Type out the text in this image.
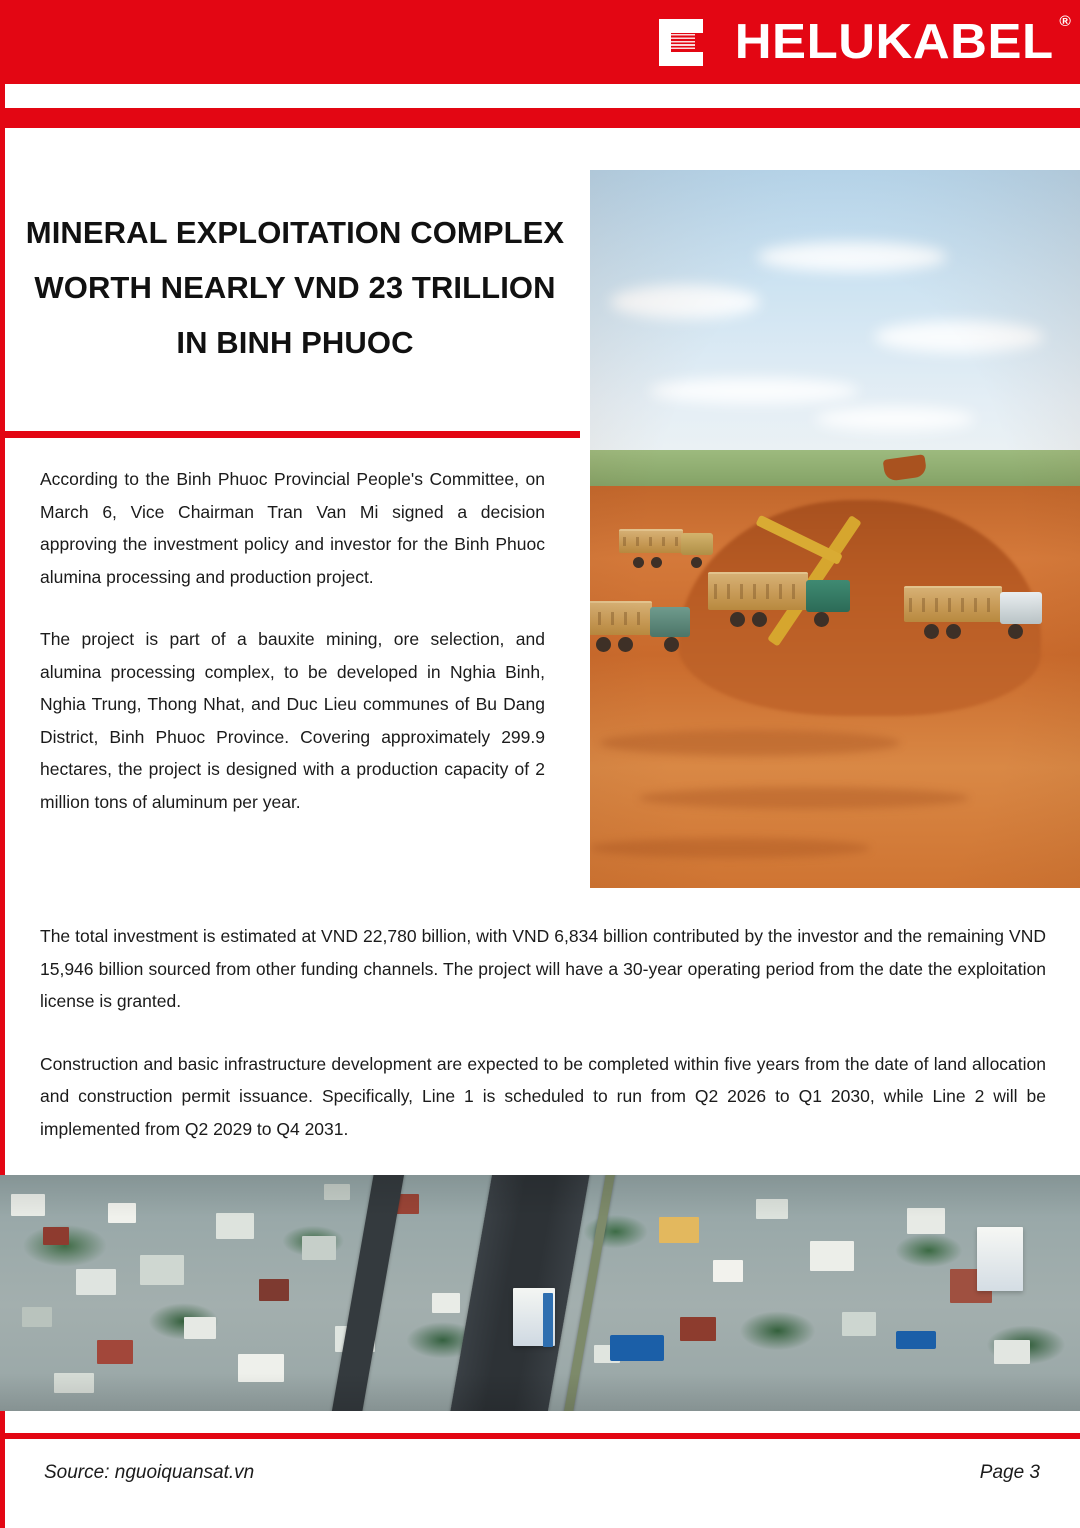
HELUKABEL ®
MINERAL EXPLOITATION COMPLEX
WORTH NEARLY VND 23 TRILLION
IN BINH PHUOC

According to the Binh Phuoc Provincial People's Committee, on March 6, Vice Chairman Tran Van Mi signed a decision approving the investment policy and investor for the Binh Phuoc alumina processing and production project.

The project is part of a bauxite mining, ore selection, and alumina processing complex, to be developed in Nghia Binh, Nghia Trung, Thong Nhat, and Duc Lieu communes of Bu Dang District, Binh Phuoc Province. Covering approximately 299.9 hectares, the project is designed with a production capacity of 2 million tons of aluminum per year.

The total investment is estimated at VND 22,780 billion, with VND 6,834 billion contributed by the investor and the remaining VND 15,946 billion sourced from other funding channels. The project will have a 30-year operating period from the date the exploitation license is granted.

Construction and basic infrastructure development are expected to be completed within five years from the date of land allocation and construction permit issuance. Specifically, Line 1 is scheduled to run from Q2 2026 to Q1 2030, while Line 2 will be implemented from Q2 2029 to Q4 2031.

Source: nguoiquansat.vn	Page 3
